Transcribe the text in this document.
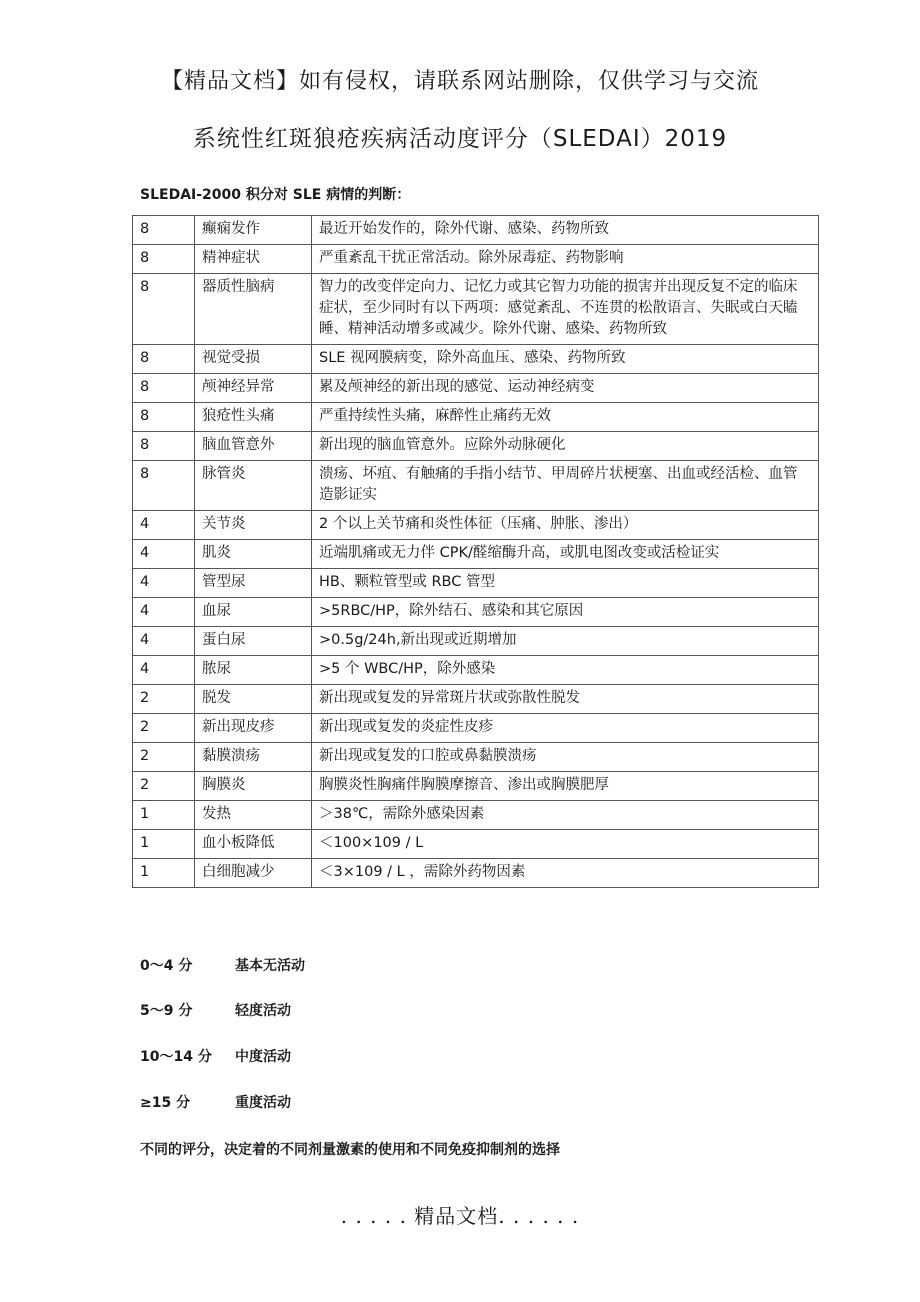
【精品文档】如有侵权，请联系网站删除，仅供学习与交流
系统性红斑狼疮疾病活动度评分（SLEDAI）2019
SLEDAI-2000 积分对 SLE 病情的判断：
8	癫痫发作	最近开始发作的，除外代谢、感染、药物所致
8	精神症状	严重紊乱干扰正常活动。除外尿毒症、药物影响
8	器质性脑病	智力的改变伴定向力、记忆力或其它智力功能的损害并出现反复不定的临床症状，至少同时有以下两项：感觉紊乱、不连贯的松散语言、失眠或白天瞌睡、精神活动增多或减少。除外代谢、感染、药物所致
8	视觉受损	SLE 视网膜病变，除外高血压、感染、药物所致
8	颅神经异常	累及颅神经的新出现的感觉、运动神经病变
8	狼疮性头痛	严重持续性头痛，麻醉性止痛药无效
8	脑血管意外	新出现的脑血管意外。应除外动脉硬化
8	脉管炎	溃疡、坏疽、有触痛的手指小结节、甲周碎片状梗塞、出血或经活检、血管造影证实
4	关节炎	2 个以上关节痛和炎性体征（压痛、肿胀、渗出）
4	肌炎	近端肌痛或无力伴 CPK/醛缩酶升高，或肌电图改变或活检证实
4	管型尿	HB、颗粒管型或 RBC 管型
4	血尿	>5RBC/HP，除外结石、感染和其它原因
4	蛋白尿	>0.5g/24h,新出现或近期增加
4	脓尿	>5 个 WBC/HP，除外感染
2	脱发	新出现或复发的异常斑片状或弥散性脱发
2	新出现皮疹	新出现或复发的炎症性皮疹
2	黏膜溃疡	新出现或复发的口腔或鼻黏膜溃疡
2	胸膜炎	胸膜炎性胸痛伴胸膜摩擦音、渗出或胸膜肥厚
1	发热	＞38℃，需除外感染因素
1	血小板降低	＜100×109 / L
1	白细胞减少	＜3×109 / L ，需除外药物因素
0～4 分	基本无活动
5～9 分	轻度活动
10～14 分 中度活动
≥15 分	重度活动
不同的评分，决定着的不同剂量激素的使用和不同免疫抑制剂的选择
. . . . . 精品文档. . . . . .
